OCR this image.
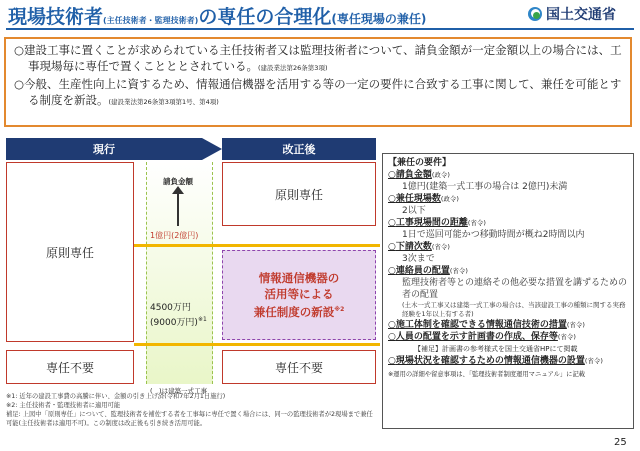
現場技術者(主任技術者・監理技術者)の専任の合理化(専任現場の兼任)	国土交通省
○建設工事に置くことが求められている主任技術者又は監理技術者について、請負金額が一定金額以上の場合には、工事現場毎に専任で置くことととされている。(建設業法第26条第3項)
○今般、生産性向上に資するため、情報通信機器を活用する等の一定の要件に合致する工事に関して、兼任を可能とする制度を新設。(建設業法第26条第3項第1号、第4項)
現行	改正後
請負金額
原則専任
専任不要
1億円(2億円)
4500万円
(9000万円)$^{※1}$
(　)は建築一式工事
原則専任
情報通信機器の
活用等による
兼任制度の新設$^{※2}$
専任不要
【兼任の要件】
○請負金額(政令)
1億円(建築一式工事の場合は 2億円)未満
○兼任現場数(政令)
2以下
○工事現場間の距離(省令)
1日で巡回可能かつ移動時間が概ね2時間以内
○下請次数(省令)
3次まで
○連絡員の配置(省令)
監理技術者等との連絡その他必要な措置を講ずるための者の配置
(土木一式工事又は建築一式工事の場合は、当該建設工事の種類に関する実務経験を1年以上有する者)
○施工体制を確認できる情報通信技術の措置(省令)
○人員の配置を示す計画書の作成、保存等(省令)
【補足】計画書の参考様式を国土交通省HPにて掲載
○現場状況を確認するための情報通信機器の設置(省令)
※運用の詳細や留意事項は、「監理技術者制度運用マニュアル」に記載
※1: 近年の建設工事費の高騰に伴い、金額の引き上げ済(令和7年2月1日施行)
※2: 主任技術者・監理技術者に適用可能
補足: 上図中「原則専任」について、監理技術者を補佐する者を工事毎に専任で置く場合には、同一の監理技術者が2現場まで兼任可能(主任技術者は適用不可)。この制度は改正後も引き続き活用可能。
25
